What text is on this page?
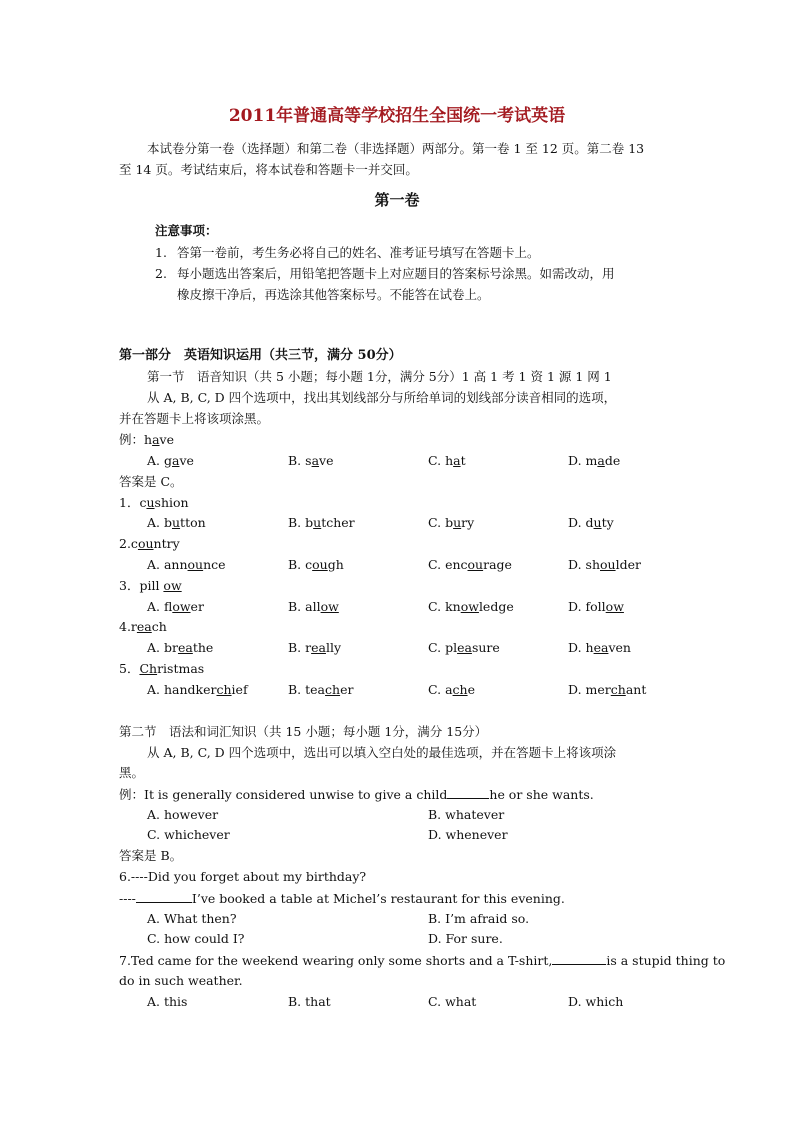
2011年普通高等学校招生全国统一考试英语
本试卷分第一卷（选择题）和第二卷（非选择题）两部分。第一卷 1 至 12 页。第二卷 13
至 14 页。考试结束后，将本试卷和答题卡一并交回。
第一卷
注意事项：
1. 答第一卷前，考生务必将自己的姓名、准考证号填写在答题卡上。
2. 每小题选出答案后，用铅笔把答题卡上对应题目的答案标号涂黑。如需改动，用
橡皮擦干净后，再选涂其他答案标号。不能答在试卷上。
第一部分　英语知识运用（共三节，满分 50分）
第一节　语音知识（共 5 小题；每小题 1分，满分 5分）1 高 1 考 1 资 1 源 1 网 1
从 A, B, C, D 四个选项中，找出其划线部分与所给单词的划线部分读音相同的选项，
并在答题卡上将该项涂黑。
例：have
A. gave	B. save	C. hat	D. made
答案是 C。
1．cushion
A. button	B. butcher	C. bury	D. duty
2.country
A. announce	B. cough	C. encourage	D. shoulder
3．pill ow
A. flower	B. allow	C. knowledge	D. follow
4.reach
A. breathe	B. really	C. pleasure	D. heaven
5．Christmas
A. handkerchief	B. teacher	C. ache	D. merchant
第二节　语法和词汇知识（共 15 小题；每小题 1分，满分 15分）
从 A, B, C, D 四个选项中，选出可以填入空白处的最佳选项，并在答题卡上将该项涂
黑。
例：It is generally considered unwise to give a child	he or she wants.
A. however	B. whatever
C. whichever	D. whenever
答案是 B。
6.----Did you forget about my birthday?
----	I’ve booked a table at Michel’s restaurant for this evening.
A. What then?	B. I’m afraid so.
C. how could I?	D. For sure.
7.Ted came for the weekend wearing only some shorts and a T-shirt,	is a stupid thing to
do in such weather.
A. this	B. that	C. what	D. which
